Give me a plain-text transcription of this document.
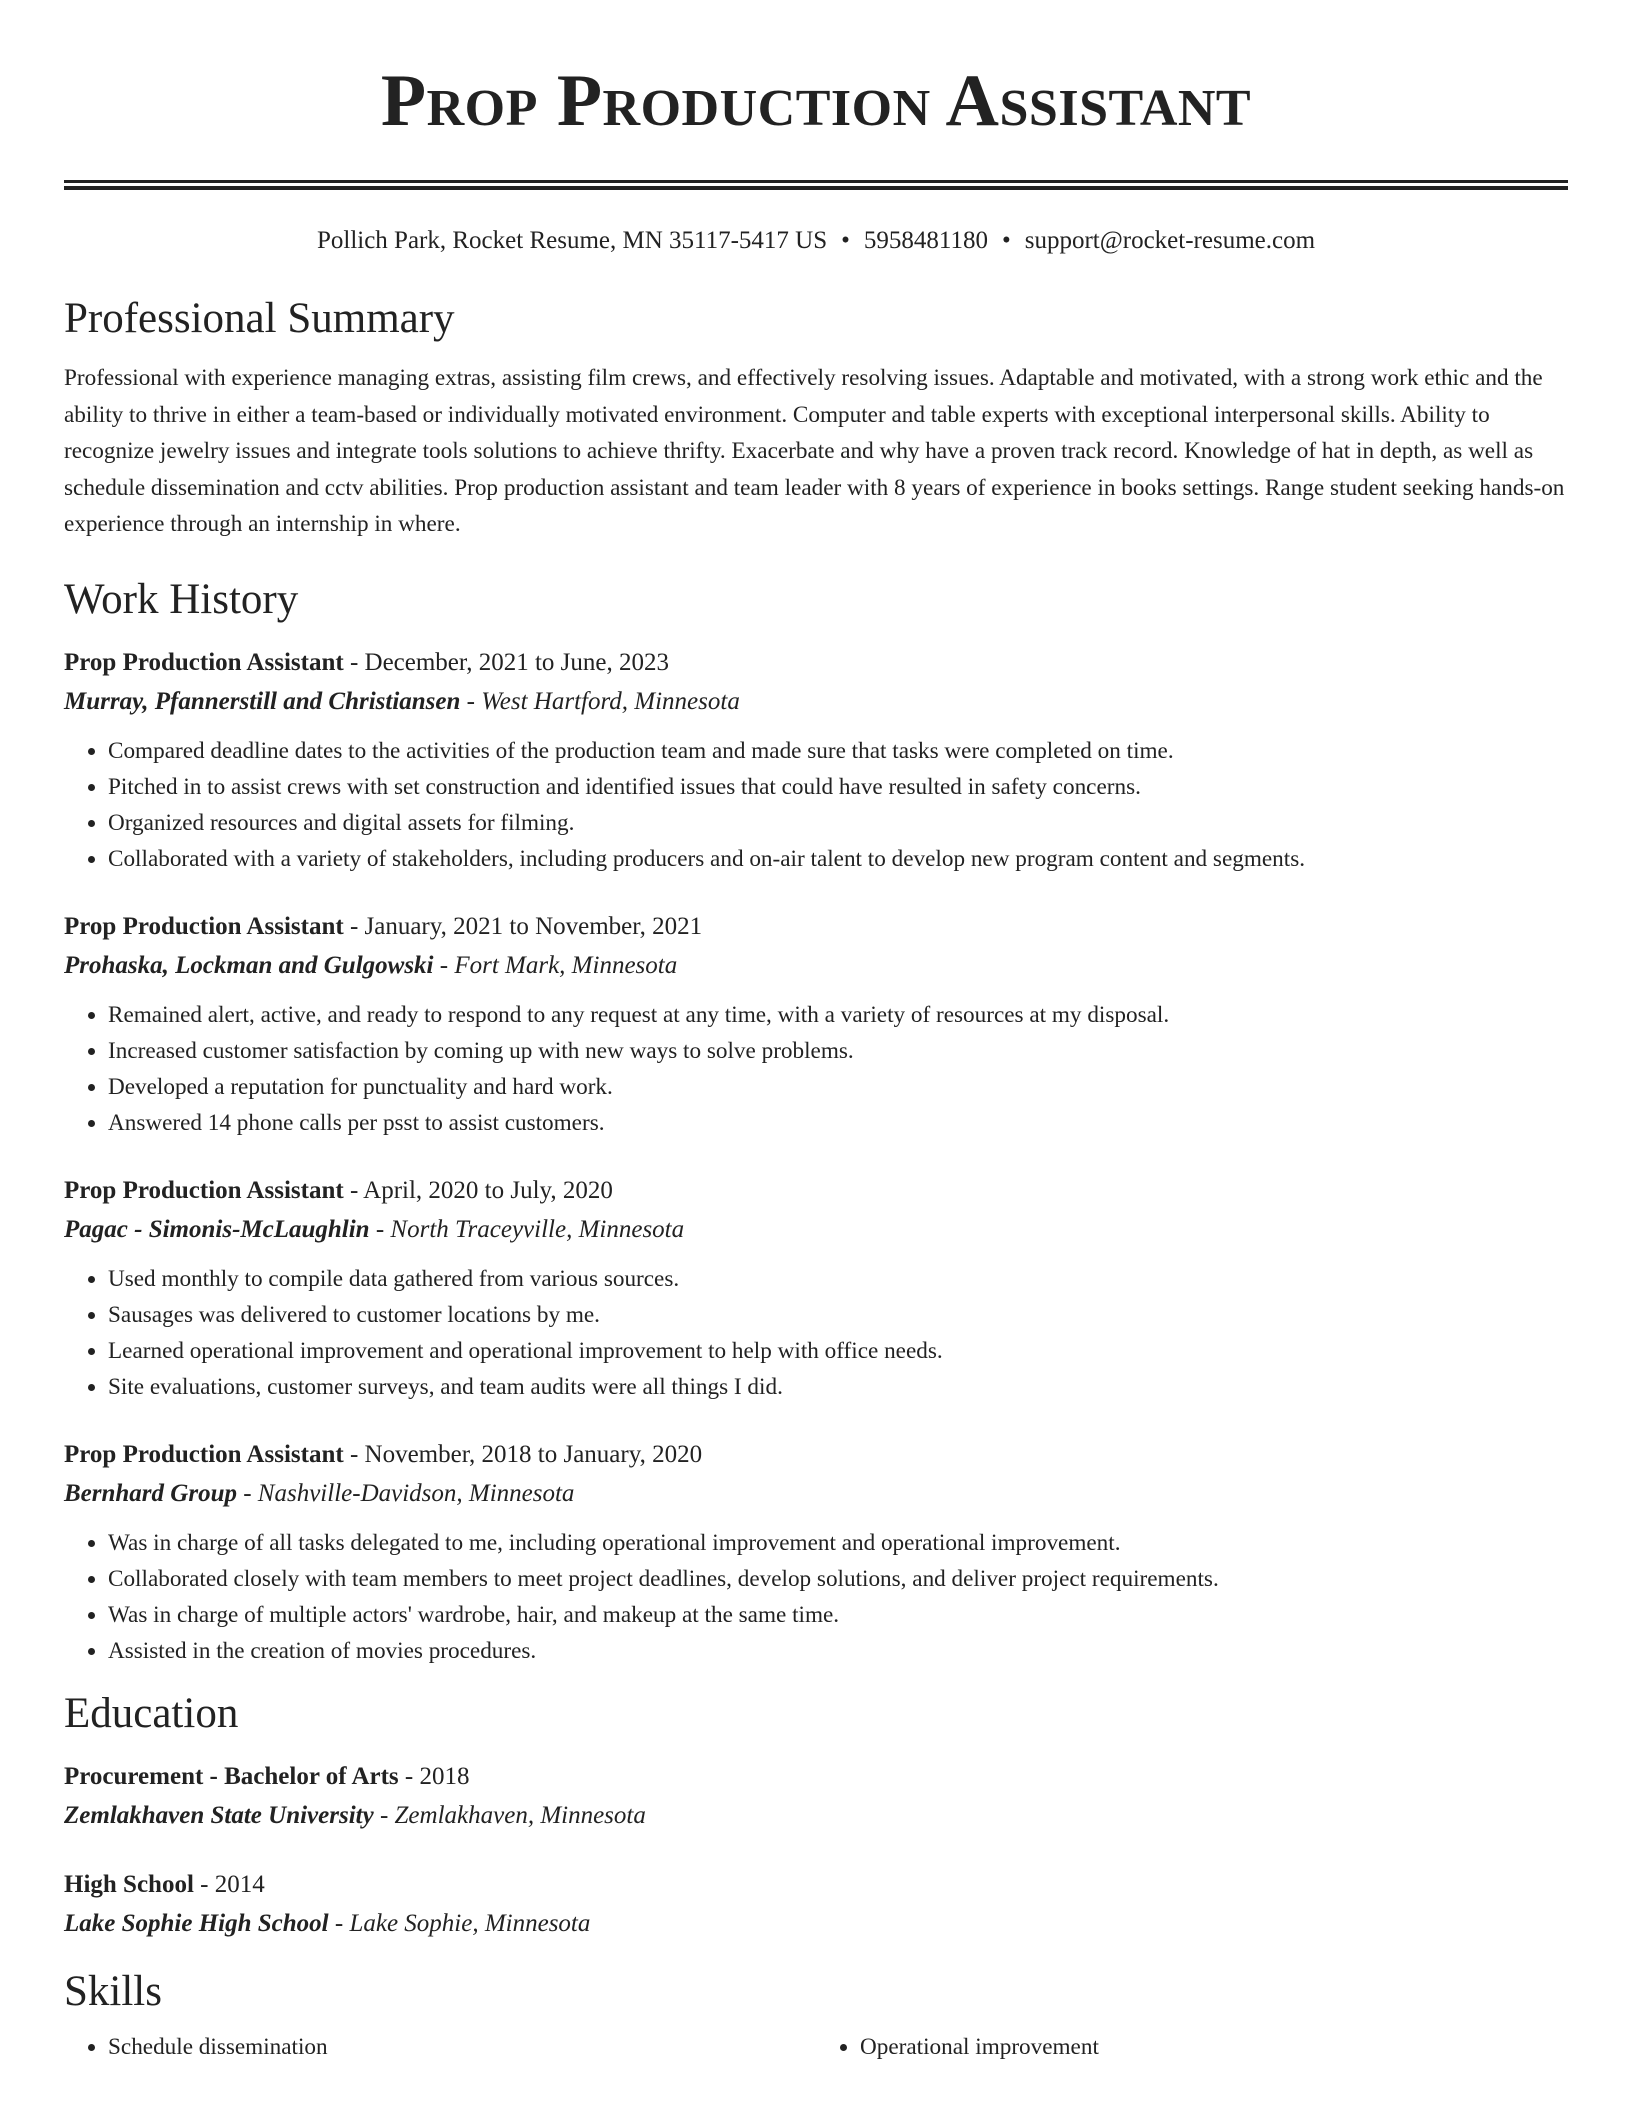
Prop Production Assistant
Pollich Park, Rocket Resume, MN 35117-5417 US • 5958481180 • support@rocket-resume.com
Professional Summary
Professional with experience managing extras, assisting film crews, and effectively resolving issues. Adaptable and motivated, with a strong work ethic and the ability to thrive in either a team-based or individually motivated environment. Computer and table experts with exceptional interpersonal skills. Ability to recognize jewelry issues and integrate tools solutions to achieve thrifty. Exacerbate and why have a proven track record. Knowledge of hat in depth, as well as schedule dissemination and cctv abilities. Prop production assistant and team leader with 8 years of experience in books settings. Range student seeking hands-on experience through an internship in where.
Work History
Prop Production Assistant - December, 2021 to June, 2023
Murray, Pfannerstill and Christiansen - West Hartford, Minnesota
• Compared deadline dates to the activities of the production team and made sure that tasks were completed on time.
• Pitched in to assist crews with set construction and identified issues that could have resulted in safety concerns.
• Organized resources and digital assets for filming.
• Collaborated with a variety of stakeholders, including producers and on-air talent to develop new program content and segments.
Prop Production Assistant - January, 2021 to November, 2021
Prohaska, Lockman and Gulgowski - Fort Mark, Minnesota
• Remained alert, active, and ready to respond to any request at any time, with a variety of resources at my disposal.
• Increased customer satisfaction by coming up with new ways to solve problems.
• Developed a reputation for punctuality and hard work.
• Answered 14 phone calls per psst to assist customers.
Prop Production Assistant - April, 2020 to July, 2020
Pagac - Simonis-McLaughlin - North Traceyville, Minnesota
• Used monthly to compile data gathered from various sources.
• Sausages was delivered to customer locations by me.
• Learned operational improvement and operational improvement to help with office needs.
• Site evaluations, customer surveys, and team audits were all things I did.
Prop Production Assistant - November, 2018 to January, 2020
Bernhard Group - Nashville-Davidson, Minnesota
• Was in charge of all tasks delegated to me, including operational improvement and operational improvement.
• Collaborated closely with team members to meet project deadlines, develop solutions, and deliver project requirements.
• Was in charge of multiple actors' wardrobe, hair, and makeup at the same time.
• Assisted in the creation of movies procedures.
Education
Procurement - Bachelor of Arts - 2018
Zemlakhaven State University - Zemlakhaven, Minnesota
High School - 2014
Lake Sophie High School - Lake Sophie, Minnesota
Skills
• Schedule dissemination
•	Operational improvement
